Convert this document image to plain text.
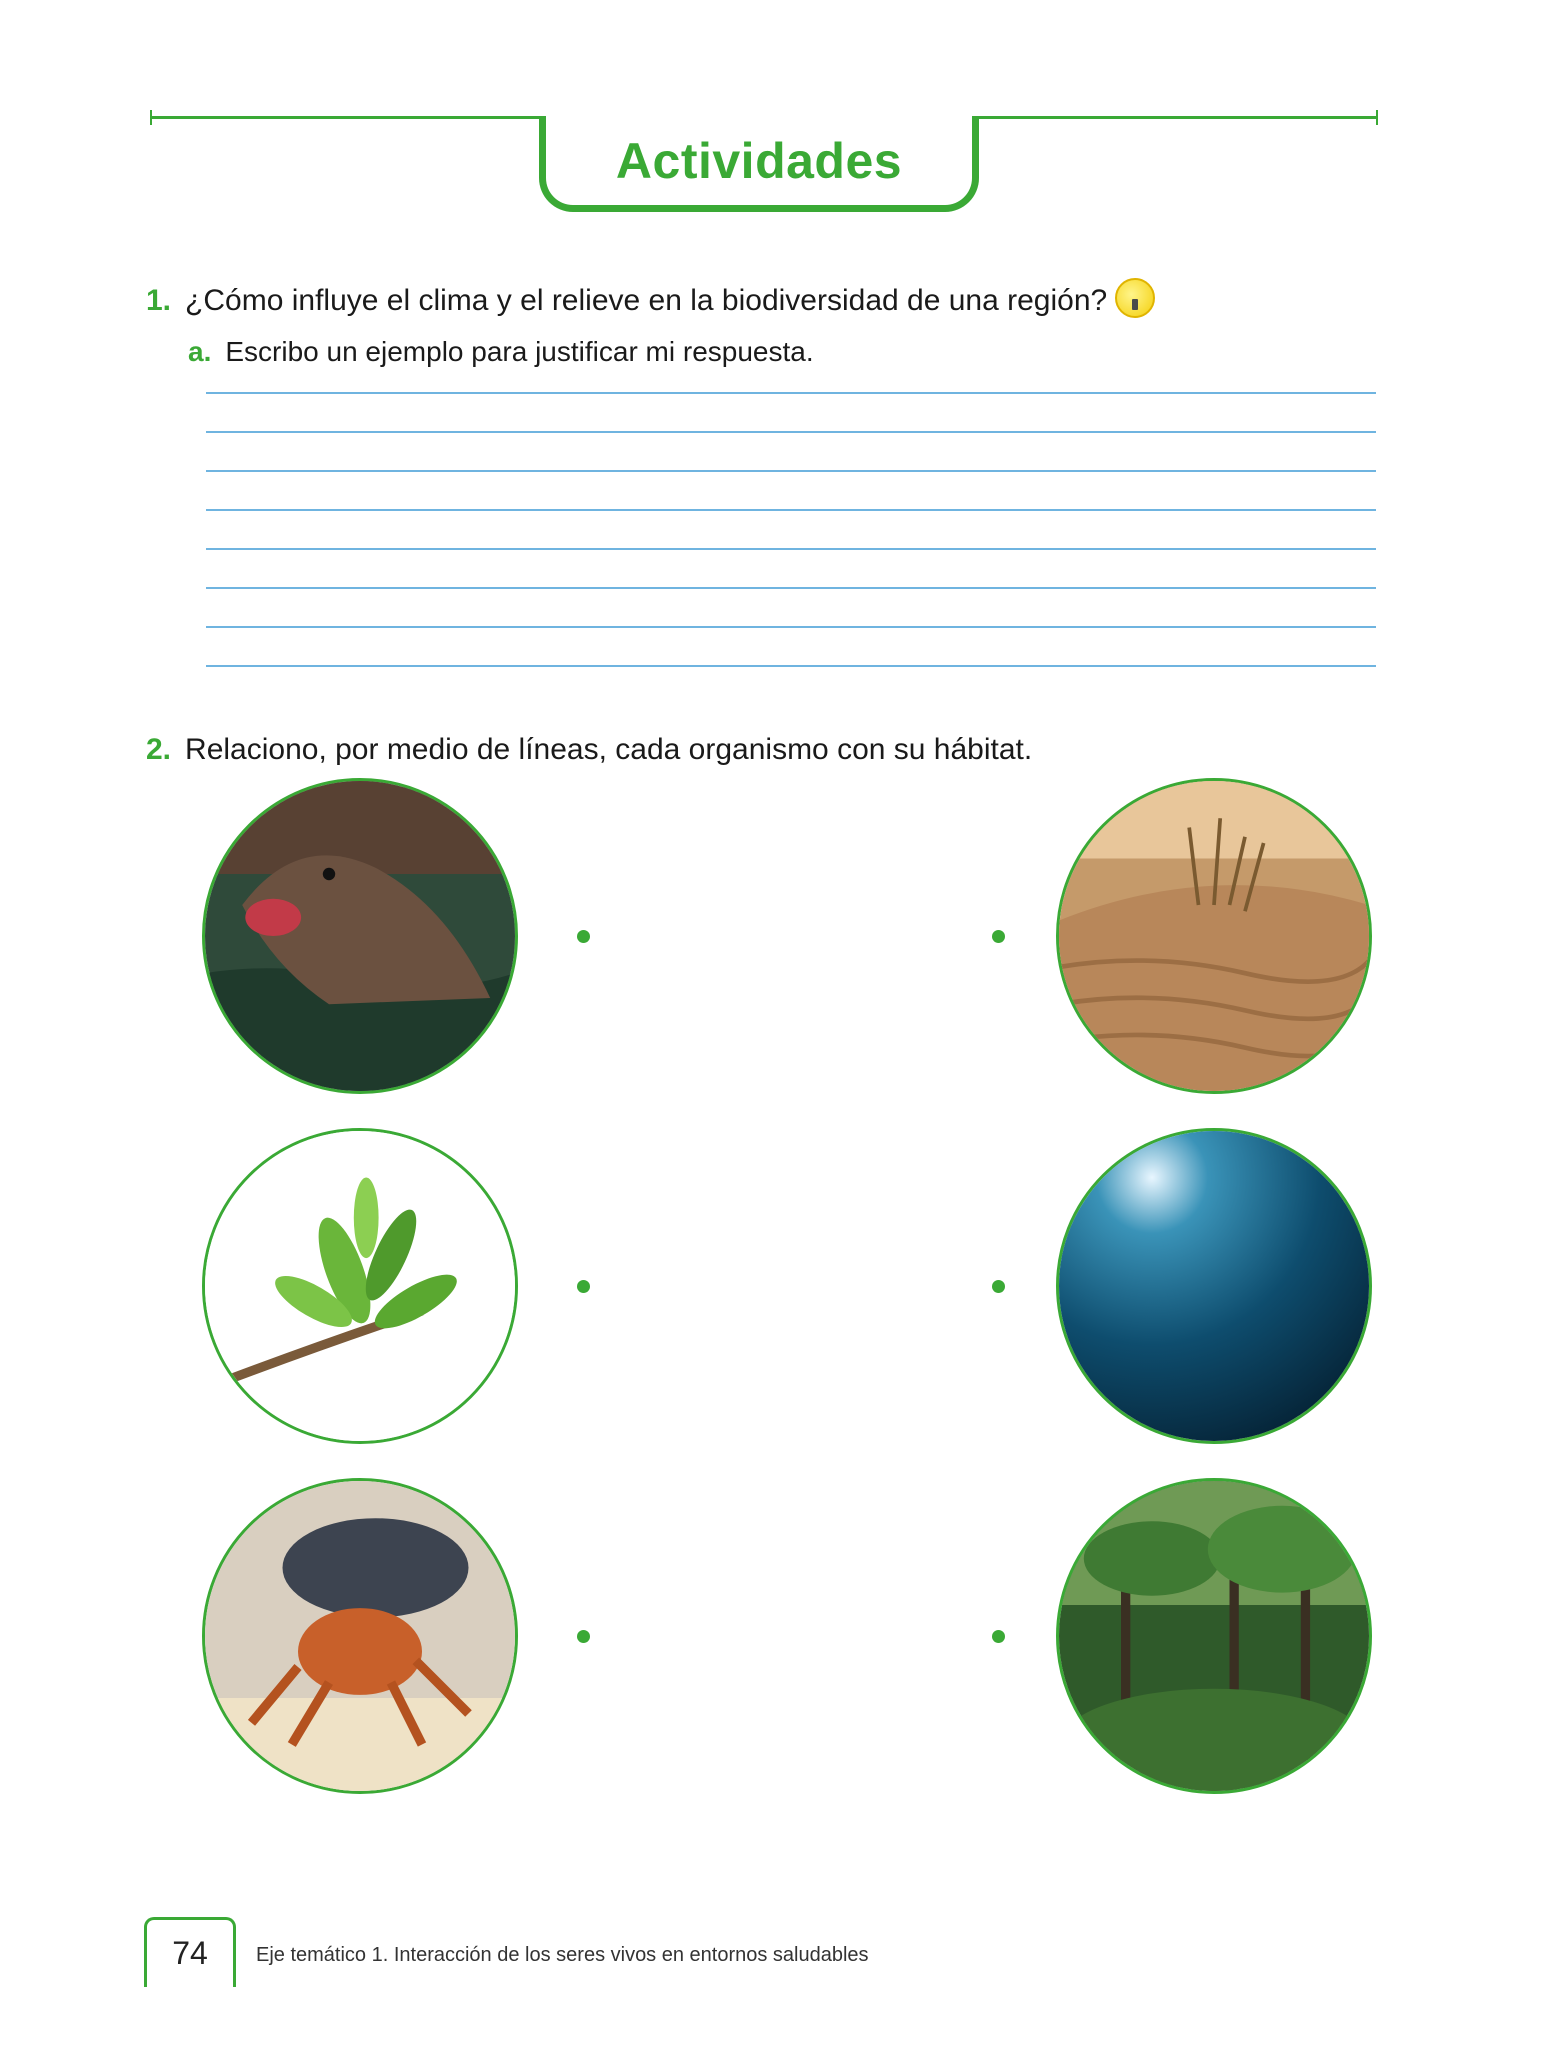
Actividades
1. ¿Cómo influye el clima y el relieve en la biodiversidad de una región?
a. Escribo un ejemplo para justificar mi respuesta.
2. Relaciono, por medio de líneas, cada organismo con su hábitat.
74 Eje temático 1. Interacción de los seres vivos en entornos saludables
